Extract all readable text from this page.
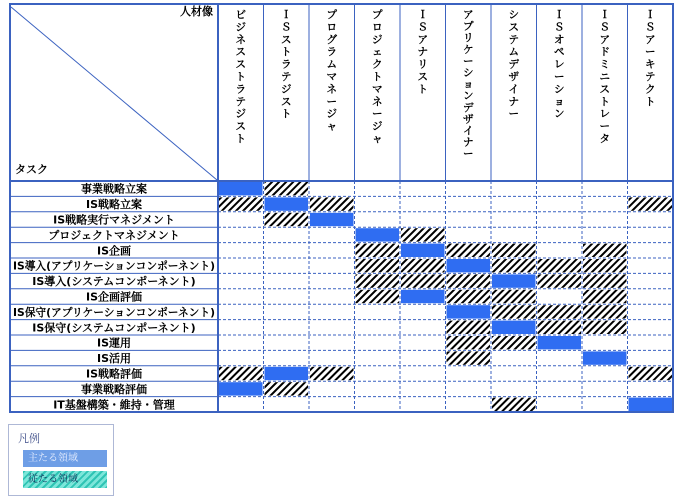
人材像
タスク
ビジネスストラテジスト
ＩＳストラテジスト
プログラムマネージャ
プロジェクトマネージャ
ＩＳアナリスト
アプリケーションデザイナー
システムデザイナー
ＩＳオペレーション
ＩＳアドミニストレータ
ＩＳアーキテクト
事業戦略立案
IS戦略立案
IS戦略実行マネジメント
プロジェクトマネジメント
IS企画
IS導入(アプリケーションコンポーネント)
IS導入(システムコンポーネント)
IS企画評価
IS保守(アプリケーションコンポーネント)
IS保守(システムコンポーネント)
IS運用
IS活用
IS戦略評価
事業戦略評価
IT基盤構築・維持・管理
凡例
主たる領域
従たる領域
